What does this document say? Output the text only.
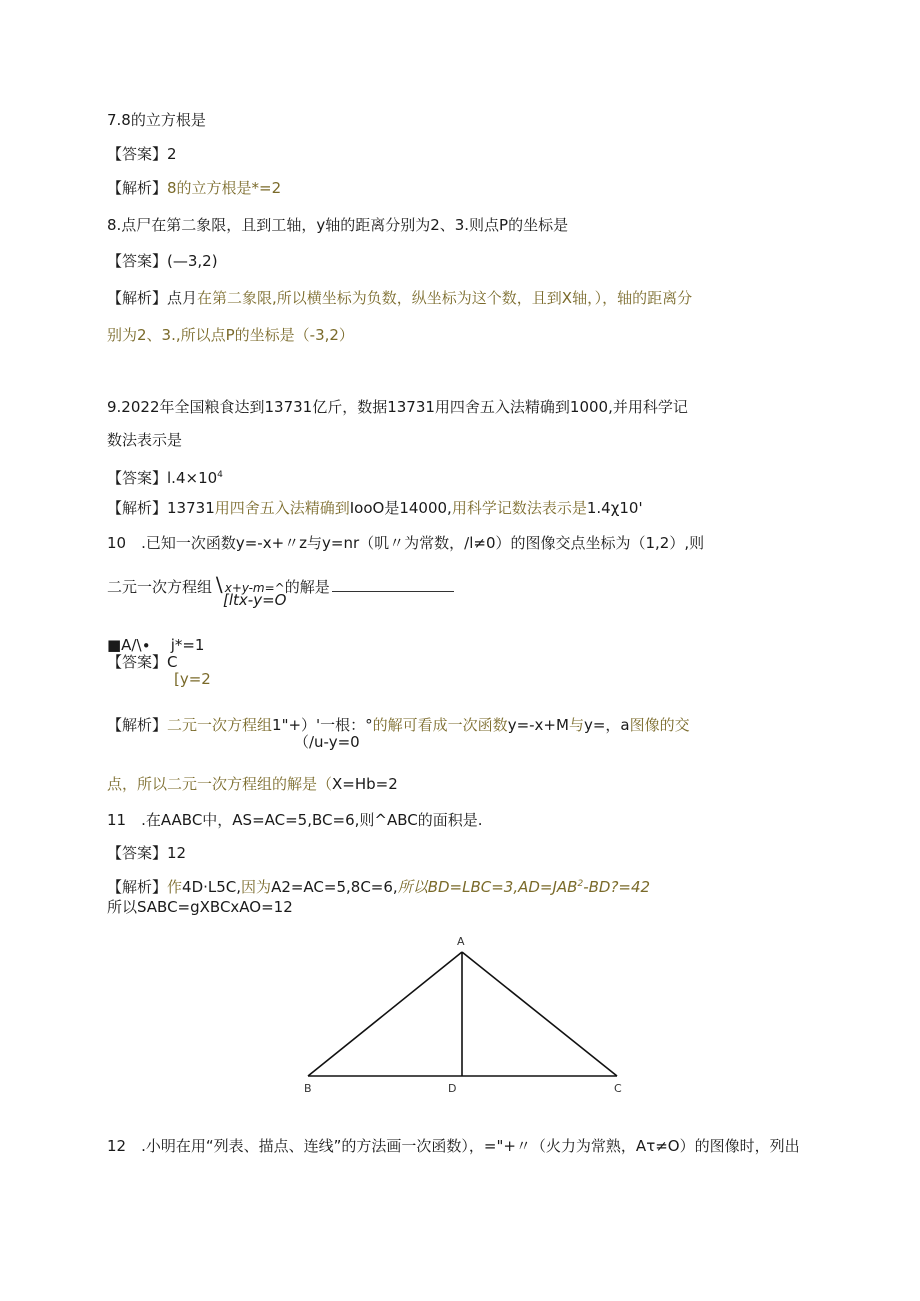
7.8的立方根是
【答案】2
【解析】8的立方根是*=2
8.点尸在第二象限，且到工轴，y轴的距离分别为2、3.则点P的坐标是
【答案】(—3,2)
【解析】点月在第二象限,所以横坐标为负数，纵坐标为这个数，且到X轴，），轴的距离分
别为2、3.,所以点P的坐标是（-3,2）
9.2022年全国粮食达到13731亿斤，数据13731用四舍五入法精确到1000,并用科学记
数法表示是
【答案】$l.4\times 10^4$
【解析】13731用四舍五入法精确到IooO是14000,用科学记数法表示是1.4χ10'
10　.已知一次函数y=-x+〃z与y=nr（叽〃为常数，∕l≠0）的图像交点坐标为（1,2）,则
二元一次方程组∖x+y-m=^的解是
[ltx-y=O
■A∕\∙　 j*=1
【答案】C
[y=2
【解析】二元一次方程组1"+）'一根：°的解可看成一次函数y=-x+M与y=，a图像的交
（∕u-y=0
点，所以二元一次方程组的解是（X=Hb=2
11　.在AABC中，AS=AC=5,BC=6,则^ABC的面积是.
【答案】12
【解析】作4D·L5C,因为A2=AC=5,8C=6,所以$BD=LBC=3,AD=JAB^2-BD?=42$
所以SABC=gXBCxAO=12
A
B	D	C
12　.小明在用“列表、描点、连线”的方法画一次函数），="+〃（火力为常熟，Aτ≠O）的图像时，列出
